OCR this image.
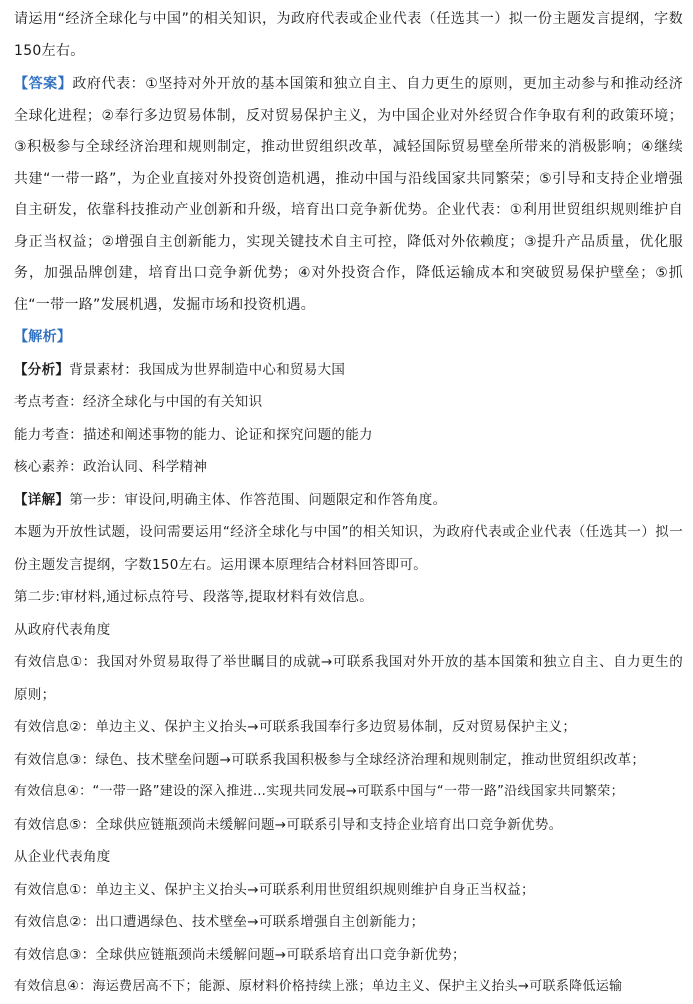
请运用“经济全球化与中国”的相关知识，为政府代表或企业代表（任选其一）拟一份主题发言提纲，字数150左右。

【答案】政府代表：①坚持对外开放的基本国策和独立自主、自力更生的原则，更加主动参与和推动经济全球化进程；②奉行多边贸易体制，反对贸易保护主义，为中国企业对外经贸合作争取有利的政策环境；③积极参与全球经济治理和规则制定，推动世贸组织改革，减轻国际贸易壁垒所带来的消极影响；④继续共建“一带一路”，为企业直接对外投资创造机遇，推动中国与沿线国家共同繁荣；⑤引导和支持企业增强自主研发，依靠科技推动产业创新和升级，培育出口竞争新优势。企业代表：①利用世贸组织规则维护自身正当权益；②增强自主创新能力，实现关键技术自主可控，降低对外依赖度；③提升产品质量，优化服务，加强品牌创建，培育出口竞争新优势；④对外投资合作，降低运输成本和突破贸易保护壁垒；⑤抓住“一带一路”发展机遇，发掘市场和投资机遇。

【解析】

【分析】背景素材：我国成为世界制造中心和贸易大国

考点考查：经济全球化与中国的有关知识

能力考查：描述和阐述事物的能力、论证和探究问题的能力

核心素养：政治认同、科学精神

【详解】第一步：审设问,明确主体、作答范围、问题限定和作答角度。

本题为开放性试题，设问需要运用“经济全球化与中国”的相关知识，为政府代表或企业代表（任选其一）拟一份主题发言提纲，字数150左右。运用课本原理结合材料回答即可。

第二步:审材料,通过标点符号、段落等,提取材料有效信息。

从政府代表角度

有效信息①：我国对外贸易取得了举世瞩目的成就→可联系我国对外开放的基本国策和独立自主、自力更生的原则；

有效信息②：单边主义、保护主义抬头→可联系我国奉行多边贸易体制，反对贸易保护主义；

有效信息③：绿色、技术壁垒问题→可联系我国积极参与全球经济治理和规则制定，推动世贸组织改革；

有效信息④：“一带一路”建设的深入推进…实现共同发展→可联系中国与“一带一路”沿线国家共同繁荣；

有效信息⑤：全球供应链瓶颈尚未缓解问题→可联系引导和支持企业培育出口竞争新优势。

从企业代表角度

有效信息①：单边主义、保护主义抬头→可联系利用世贸组织规则维护自身正当权益；

有效信息②：出口遭遇绿色、技术壁垒→可联系增强自主创新能力；

有效信息③：全球供应链瓶颈尚未缓解问题→可联系培育出口竞争新优势；

有效信息④：海运费居高不下；能源、原材料价格持续上涨；单边主义、保护主义抬头→可联系降低运输
